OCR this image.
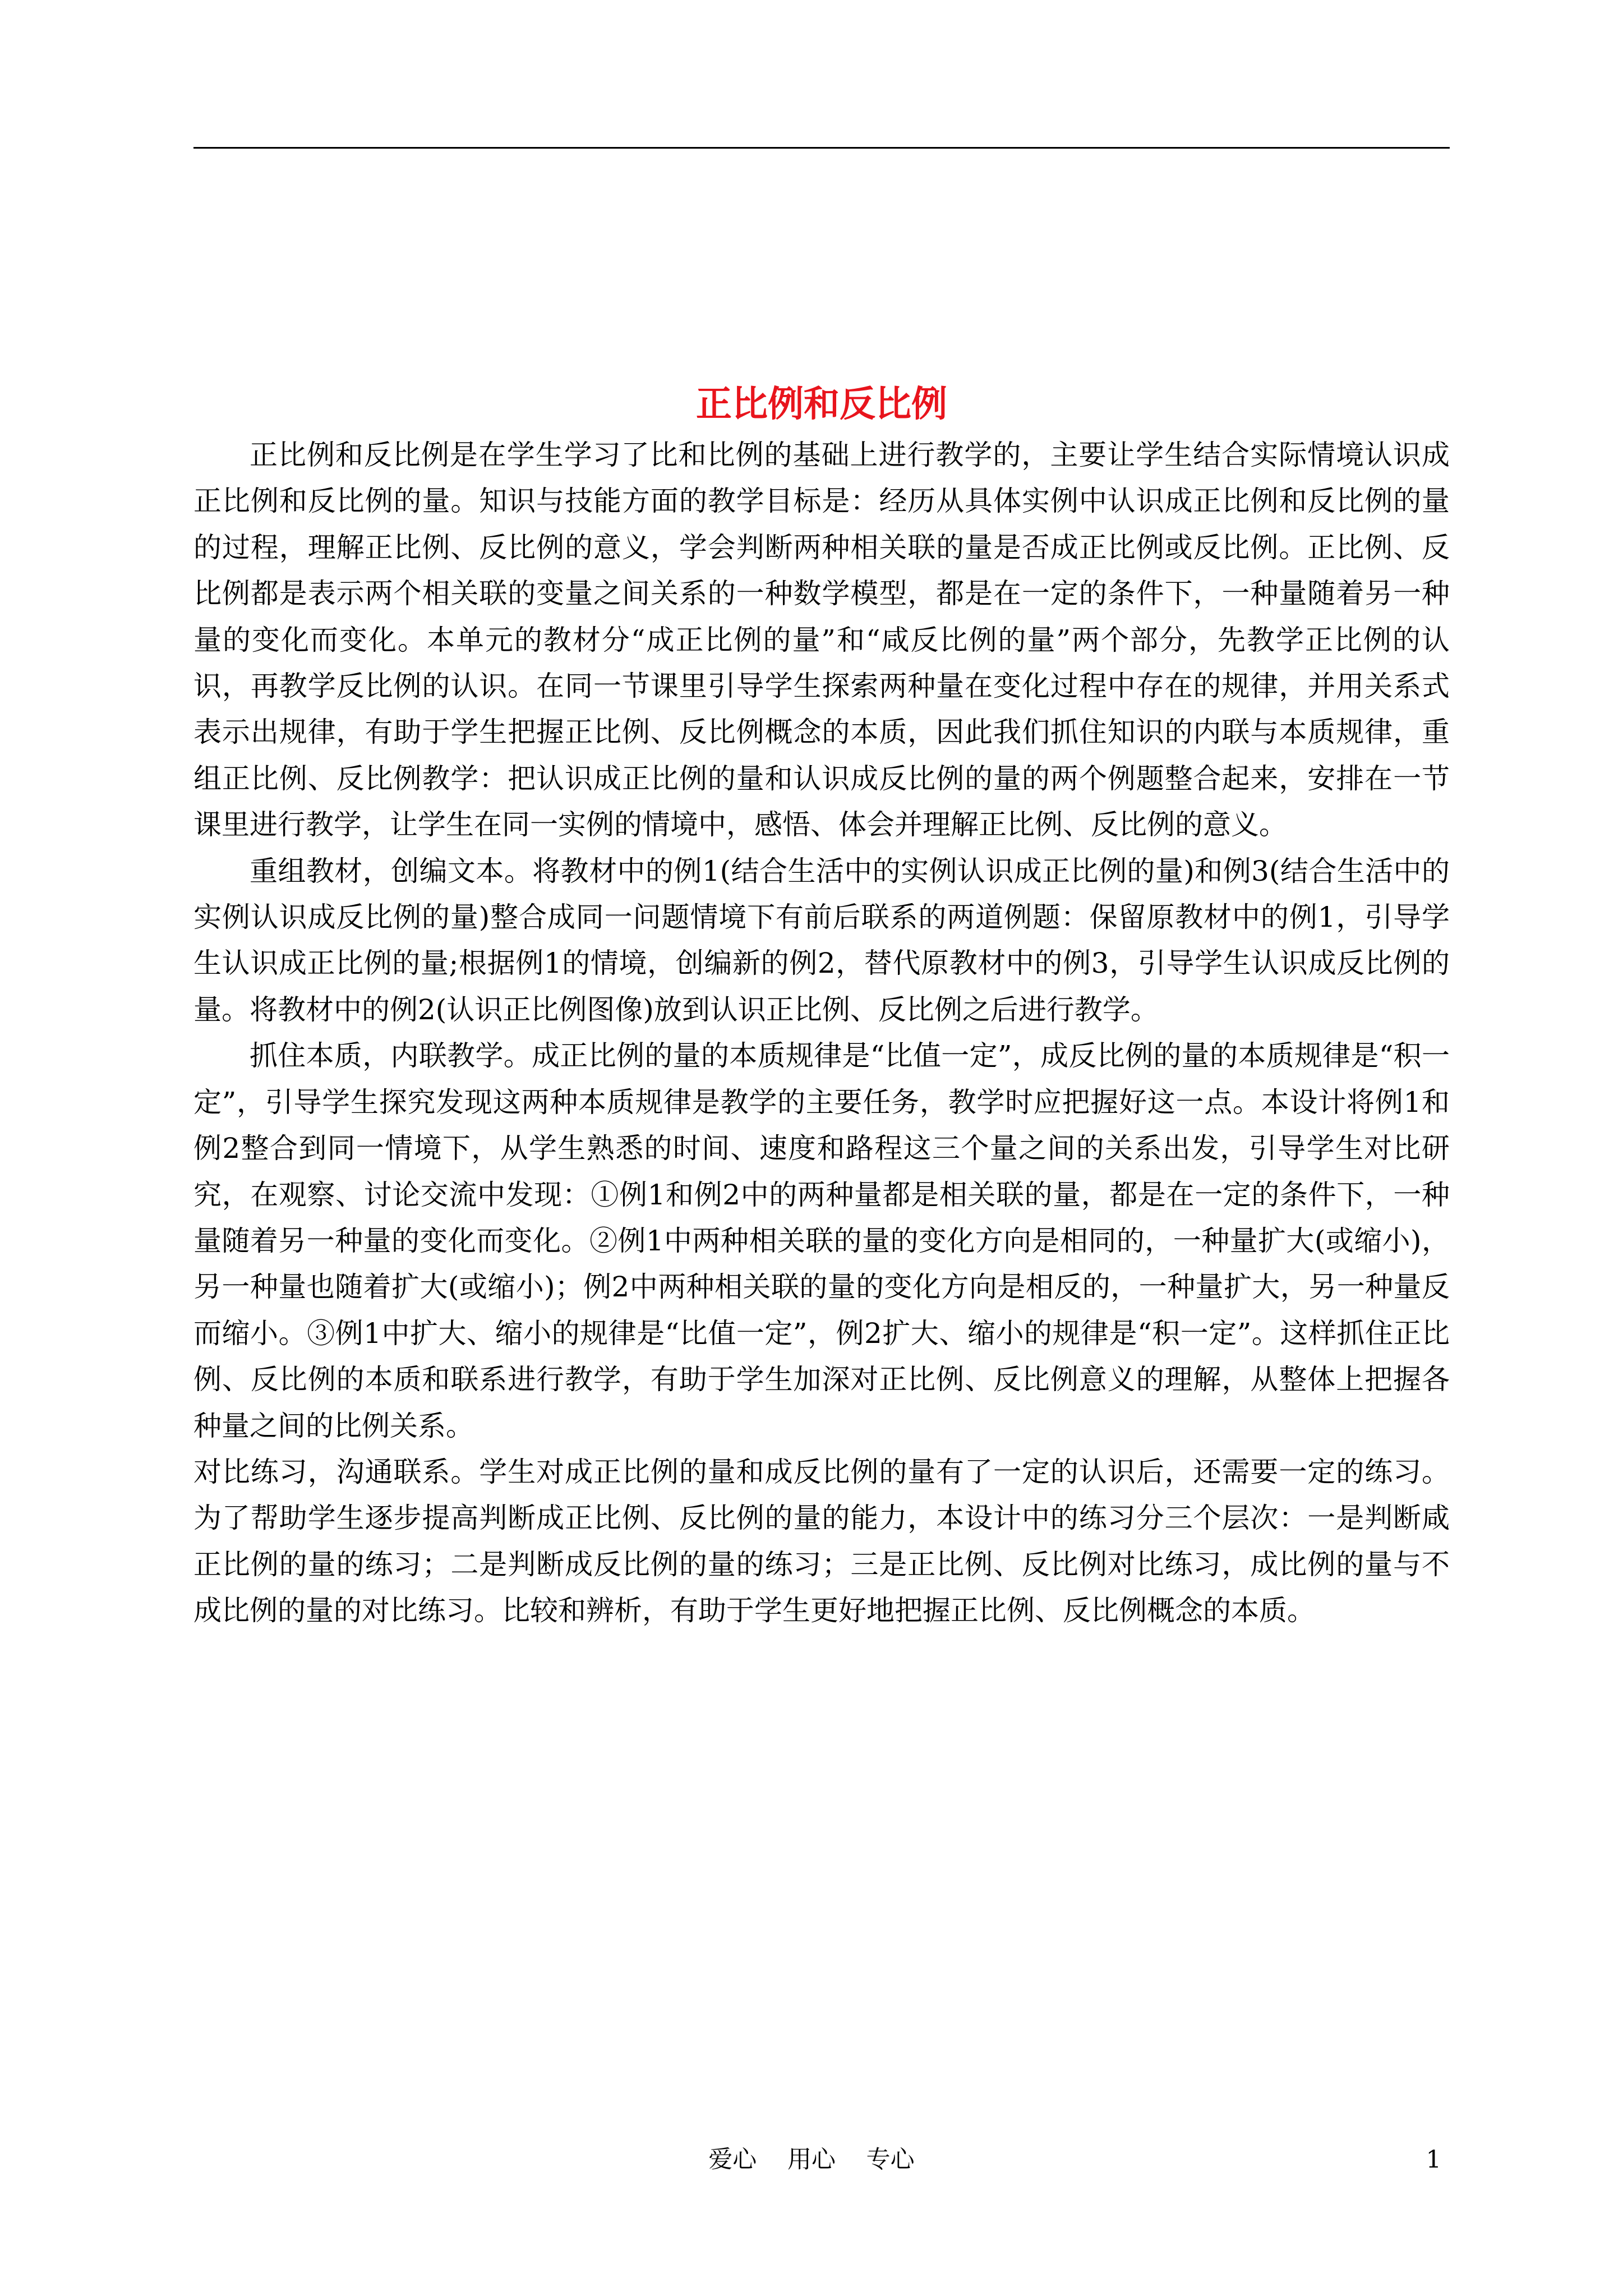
正比例和反比例

正比例和反比例是在学生学习了比和比例的基础上进行教学的，主要让学生结合实际情境认识成正比例和反比例的量。知识与技能方面的教学目标是：经历从具体实例中认识成正比例和反比例的量的过程，理解正比例、反比例的意义，学会判断两种相关联的量是否成正比例或反比例。正比例、反比例都是表示两个相关联的变量之间关系的一种数学模型，都是在一定的条件下，一种量随着另一种量的变化而变化。本单元的教材分“成正比例的量”和“咸反比例的量”两个部分，先教学正比例的认识，再教学反比例的认识。在同一节课里引导学生探索两种量在变化过程中存在的规律，并用关系式表示出规律，有助于学生把握正比例、反比例概念的本质，因此我们抓住知识的内联与本质规律，重组正比例、反比例教学：把认识成正比例的量和认识成反比例的量的两个例题整合起来，安排在一节课里进行教学，让学生在同一实例的情境中，感悟、体会并理解正比例、反比例的意义。

重组教材，创编文本。将教材中的例1(结合生活中的实例认识成正比例的量)和例3(结合生活中的实例认识成反比例的量)整合成同一问题情境下有前后联系的两道例题：保留原教材中的例1，引导学生认识成正比例的量;根据例1的情境，创编新的例2，替代原教材中的例3，引导学生认识成反比例的量。将教材中的例2(认识正比例图像)放到认识正比例、反比例之后进行教学。

抓住本质，内联教学。成正比例的量的本质规律是“比值一定”，成反比例的量的本质规律是“积一定”，引导学生探究发现这两种本质规律是教学的主要任务，教学时应把握好这一点。本设计将例1和例2整合到同一情境下，从学生熟悉的时间、速度和路程这三个量之间的关系出发，引导学生对比研究，在观察、讨论交流中发现：①例1和例2中的两种量都是相关联的量，都是在一定的条件下，一种量随着另一种量的变化而变化。②例1中两种相关联的量的变化方向是相同的，一种量扩大(或缩小)，另一种量也随着扩大(或缩小)；例2中两种相关联的量的变化方向是相反的，一种量扩大，另一种量反而缩小。③例1中扩大、缩小的规律是“比值一定”，例2扩大、缩小的规律是“积一定”。这样抓住正比例、反比例的本质和联系进行教学，有助于学生加深对正比例、反比例意义的理解，从整体上把握各种量之间的比例关系。

对比练习，沟通联系。学生对成正比例的量和成反比例的量有了一定的认识后，还需要一定的练习。为了帮助学生逐步提高判断成正比例、反比例的量的能力，本设计中的练习分三个层次：一是判断咸正比例的量的练习；二是判断成反比例的量的练习；三是正比例、反比例对比练习，成比例的量与不成比例的量的对比练习。比较和辨析，有助于学生更好地把握正比例、反比例概念的本质。

爱心    用心    专心	1
